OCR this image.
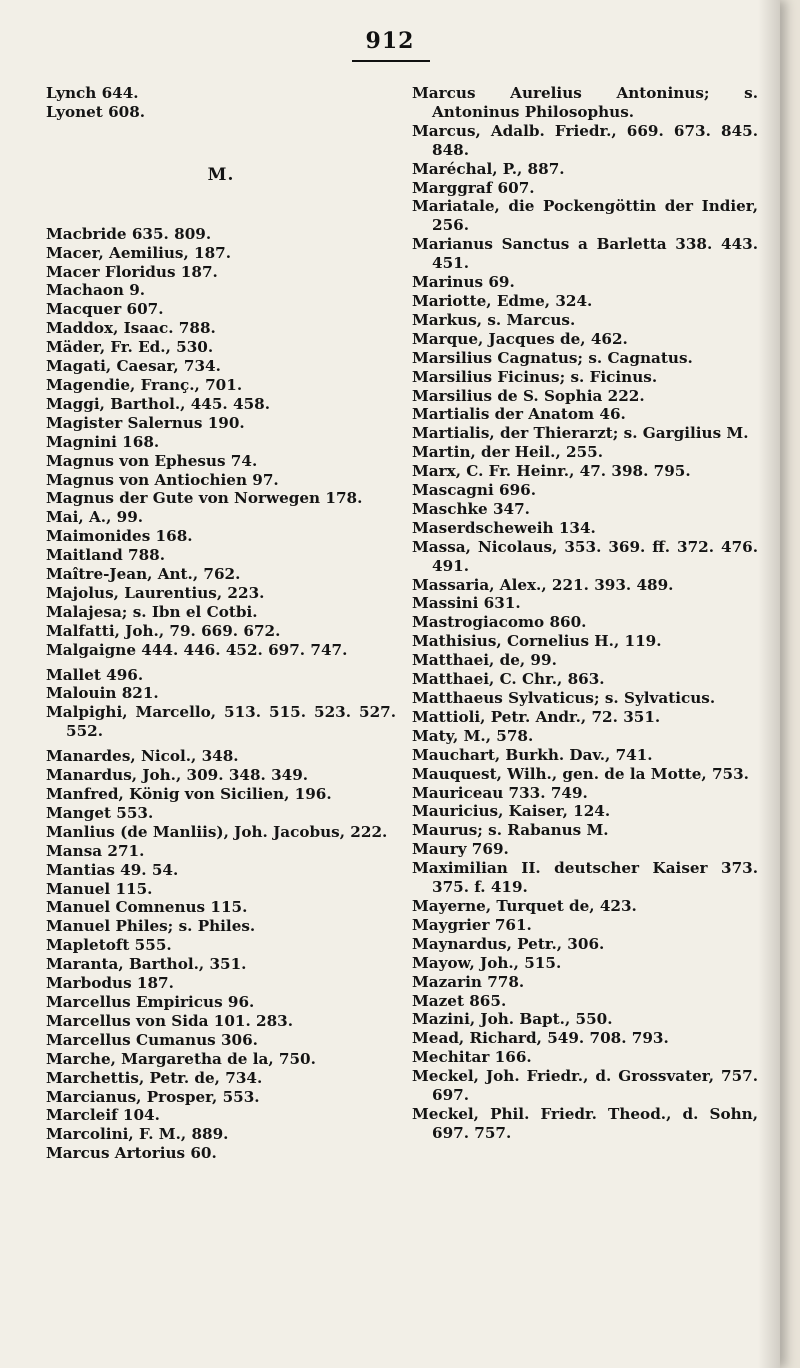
912
Lynch 644.
Lyonet 608.
M.
Macbride 635. 809.
Macer, Aemilius, 187.
Macer Floridus 187.
Machaon 9.
Macquer 607.
Maddox, Isaac. 788.
Mäder, Fr. Ed., 530.
Magati, Caesar, 734.
Magendie, Franç., 701.
Maggi, Barthol., 445. 458.
Magister Salernus 190.
Magnini 168.
Magnus von Ephesus 74.
Magnus von Antiochien 97.
Magnus der Gute von Norwegen 178.
Mai, A., 99.
Maimonides 168.
Maitland 788.
Maître-Jean, Ant., 762.
Majolus, Laurentius, 223.
Malajesa; s. Ibn el Cotbi.
Malfatti, Joh., 79. 669. 672.
Malgaigne 444. 446. 452. 697. 747.
Mallet 496.
Malouin 821.
Malpighi, Marcello, 513. 515. 523. 527. 552.
Manardes, Nicol., 348.
Manardus, Joh., 309. 348. 349.
Manfred, König von Sicilien, 196.
Manget 553.
Manlius (de Manliis), Joh. Jacobus, 222.
Mansa 271.
Mantias 49. 54.
Manuel 115.
Manuel Comnenus 115.
Manuel Philes; s. Philes.
Mapletoft 555.
Maranta, Barthol., 351.
Marbodus 187.
Marcellus Empiricus 96.
Marcellus von Sida 101. 283.
Marcellus Cumanus 306.
Marche, Margaretha de la, 750.
Marchettis, Petr. de, 734.
Marcianus, Prosper, 553.
Marcleif 104.
Marcolini, F. M., 889.
Marcus Artorius 60.
Marcus Aurelius Antoninus; s. Antoninus Philosophus.
Marcus, Adalb. Friedr., 669. 673. 845. 848.
Maréchal, P., 887.
Marggraf 607.
Mariatale, die Pockengöttin der Indier, 256.
Marianus Sanctus a Barletta 338. 443. 451.
Marinus 69.
Mariotte, Edme, 324.
Markus, s. Marcus.
Marque, Jacques de, 462.
Marsilius Cagnatus; s. Cagnatus.
Marsilius Ficinus; s. Ficinus.
Marsilius de S. Sophia 222.
Martialis der Anatom 46.
Martialis, der Thierarzt; s. Gargilius M.
Martin, der Heil., 255.
Marx, C. Fr. Heinr., 47. 398. 795.
Mascagni 696.
Maschke 347.
Maserdscheweih 134.
Massa, Nicolaus, 353. 369. ff. 372. 476. 491.
Massaria, Alex., 221. 393. 489.
Massini 631.
Mastrogiacomo 860.
Mathisius, Cornelius H., 119.
Matthaei, de, 99.
Matthaei, C. Chr., 863.
Matthaeus Sylvaticus; s. Sylvaticus.
Mattioli, Petr. Andr., 72. 351.
Maty, M., 578.
Mauchart, Burkh. Dav., 741.
Mauquest, Wilh., gen. de la Motte, 753.
Mauriceau 733. 749.
Mauricius, Kaiser, 124.
Maurus; s. Rabanus M.
Maury 769.
Maximilian II. deutscher Kaiser 373. 375. f. 419.
Mayerne, Turquet de, 423.
Maygrier 761.
Maynardus, Petr., 306.
Mayow, Joh., 515.
Mazarin 778.
Mazet 865.
Mazini, Joh. Bapt., 550.
Mead, Richard, 549. 708. 793.
Mechitar 166.
Meckel, Joh. Friedr., d. Grossvater, 757. 697.
Meckel, Phil. Friedr. Theod., d. Sohn, 697. 757.
